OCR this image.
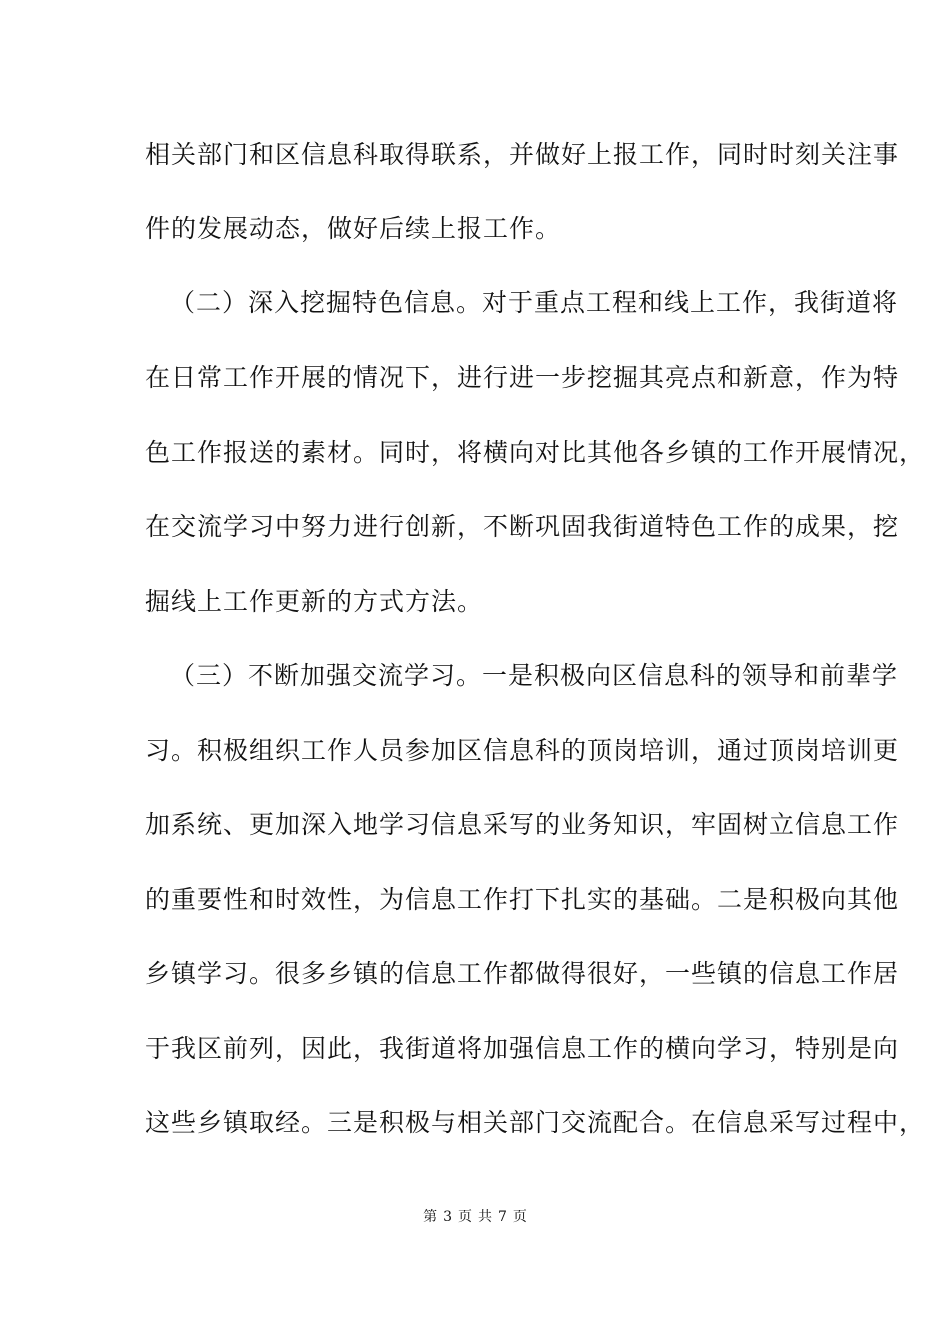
相关部门和区信息科取得联系，并做好上报工作，同时时刻关注事
件的发展动态，做好后续上报工作。
（二）深入挖掘特色信息。对于重点工程和线上工作，我街道将
在日常工作开展的情况下，进行进一步挖掘其亮点和新意，作为特
色工作报送的素材。同时，将横向对比其他各乡镇的工作开展情况，
在交流学习中努力进行创新，不断巩固我街道特色工作的成果，挖
掘线上工作更新的方式方法。
（三）不断加强交流学习。一是积极向区信息科的领导和前辈学
习。积极组织工作人员参加区信息科的顶岗培训，通过顶岗培训更
加系统、更加深入地学习信息采写的业务知识，牢固树立信息工作
的重要性和时效性，为信息工作打下扎实的基础。二是积极向其他
乡镇学习。很多乡镇的信息工作都做得很好，一些镇的信息工作居
于我区前列，因此，我街道将加强信息工作的横向学习，特别是向
这些乡镇取经。三是积极与相关部门交流配合。在信息采写过程中，
第 3 页 共 7 页
